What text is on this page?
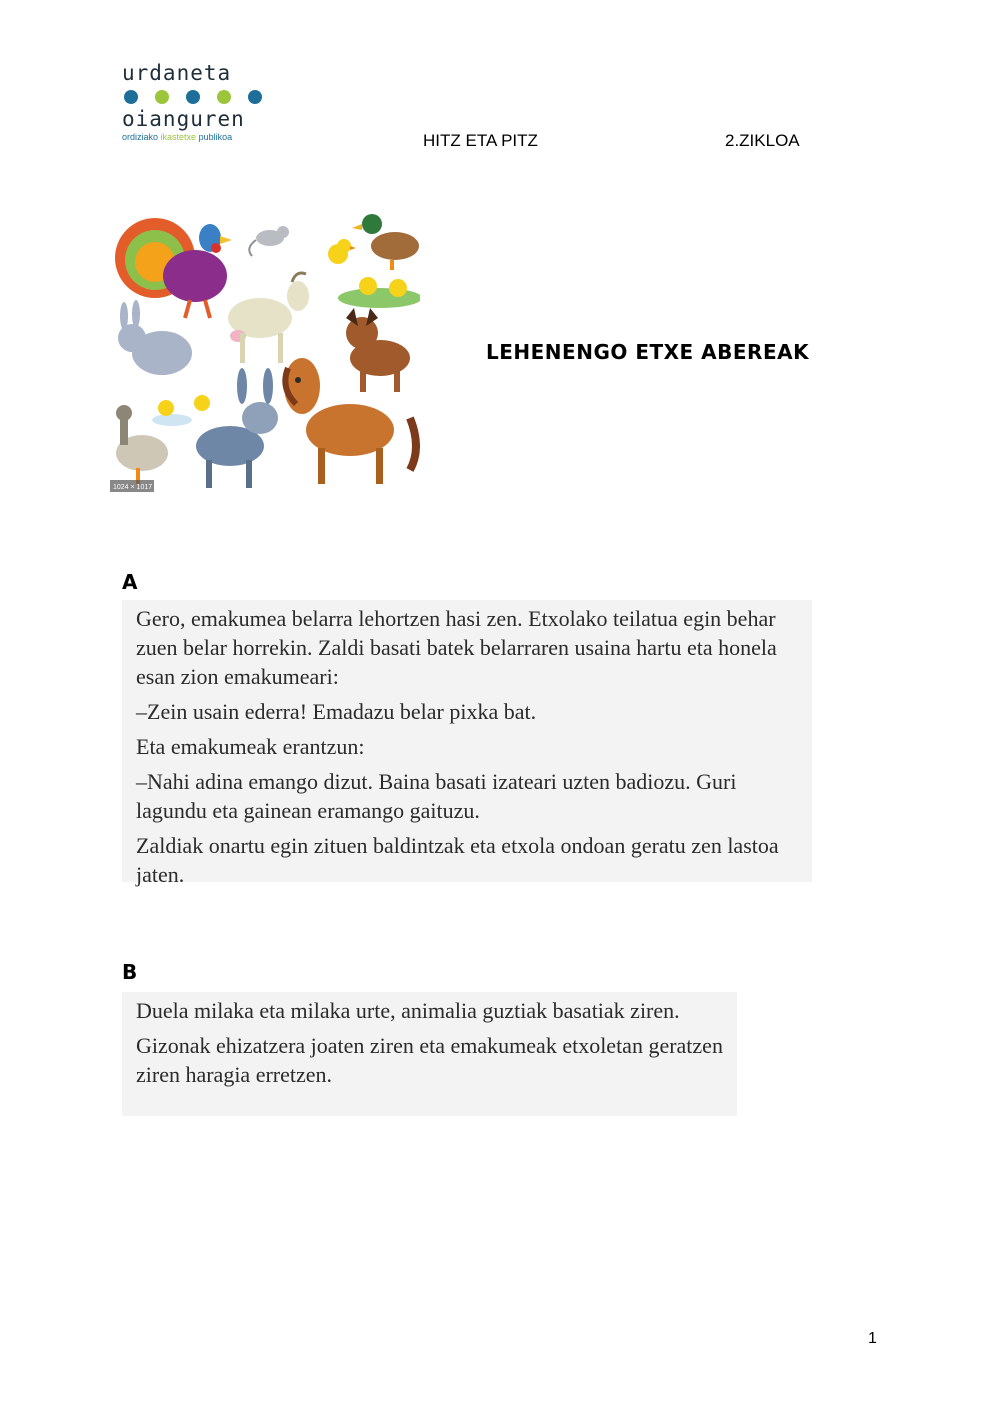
urdaneta
oianguren
ordiziako ikastetxe publikoa	HITZ ETA PITZ	2.ZIKLOA
1024 × 1017
LEHENENGO ETXE ABEREAK
A

Gero, emakumea belarra lehortzen hasi zen. Etxolako teilatua egin behar zuen belar horrekin. Zaldi basati batek belarraren usaina hartu eta honela esan zion emakumeari:

–Zein usain ederra! Emadazu belar pixka bat.

Eta emakumeak erantzun:

–Nahi adina emango dizut. Baina basati izateari uzten badiozu. Guri lagundu eta gainean eramango gaituzu.

Zaldiak onartu egin zituen baldintzak eta etxola ondoan geratu zen lastoa jaten.

B

Duela milaka eta milaka urte, animalia guztiak basatiak ziren.

Gizonak ehizatzera joaten ziren eta emakumeak etxoletan geratzen ziren haragia erretzen.

1
